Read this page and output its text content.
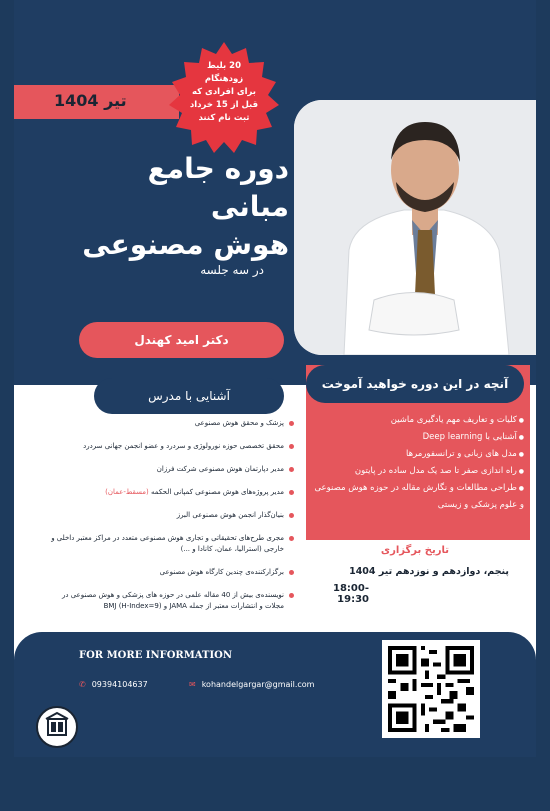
تیر 1404
20 بلیط
زودهنگام
برای افرادی که
قبل از 15 خرداد
ثبت نام کنند
دوره جامع
مبانی
هوش مصنوعی
در سه جلسه
دکتر امید کهندل
آنچه در این دوره خواهید آموخت
● کلیات و تعاریف مهم یادگیری ماشین
● آشنایی با Deep learning
● مدل های زبانی و ترانسفورمرها
● راه اندازی صفر تا صد یک مدل ساده در پایتون
● طراحی مطالعات و نگارش مقاله در حوزه هوش مصنوعی و علوم پزشکی و زیستی
آشنایی با مدرس
پزشک و محقق هوش مصنوعی
محقق تخصصی حوزه نورولوژی و سردرد و عضو انجمن جهانی سردرد
مدیر دپارتمان هوش مصنوعی شرکت فرزان
مدیر پروژه‌های هوش مصنوعی کمپانی الحکمه (مسقط-عمان)
بنیان‌گذار انجمن هوش مصنوعی البرز
مجری طرح‌های تحقیقاتی و تجاری هوش مصنوعی متعدد در مراکز معتبر داخلی و خارجی (استرالیا، عمان، کانادا و ...)
برگزارکننده‌ی چندین کارگاه هوش مصنوعی
نویسنده‌ی بیش از 40 مقاله علمی در حوزه های پزشکی و هوش مصنوعی در مجلات و انتشارات معتبر از جمله JAMA و BMJ (H-Index=9)
تاریخ برگزاری
پنجم، دوازدهم و نوزدهم تیر 1404
18:00-19:30
FOR MORE INFORMATION
✆ 09394104637	✉ kohandelgargar@gmail.com
